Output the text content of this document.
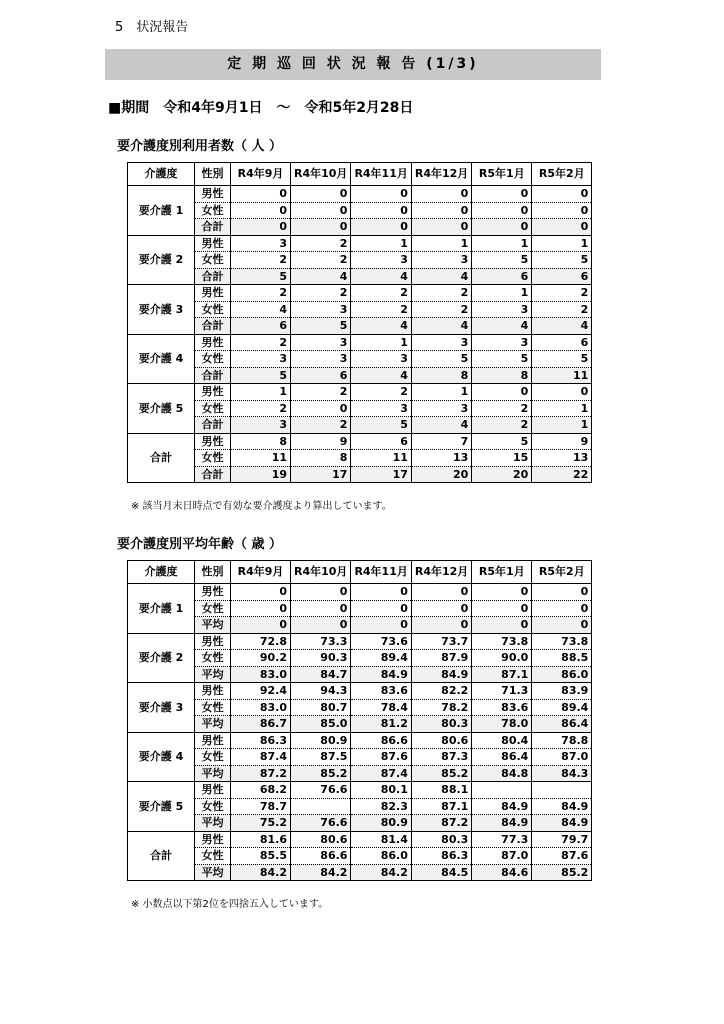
5　状況報告
定 期 巡 回 状 況 報 告 (1/3)
■期間　令和4年9月1日　～　令和5年2月28日
要介護度別利用者数（ 人 ）
介護度	性別	R4年9月	R4年10月	R4年11月	R4年12月	R5年1月	R5年2月
要介護 1	男性	0	0	0	0	0	0
	女性	0	0	0	0	0	0
	合計	0	0	0	0	0	0
要介護 2	男性	3	2	1	1	1	1
	女性	2	2	3	3	5	5
	合計	5	4	4	4	6	6
要介護 3	男性	2	2	2	2	1	2
	女性	4	3	2	2	3	2
	合計	6	5	4	4	4	4
要介護 4	男性	2	3	1	3	3	6
	女性	3	3	3	5	5	5
	合計	5	6	4	8	8	11
要介護 5	男性	1	2	2	1	0	0
	女性	2	0	3	3	2	1
	合計	3	2	5	4	2	1
合計	男性	8	9	6	7	5	9
	女性	11	8	11	13	15	13
	合計	19	17	17	20	20	22
※ 該当月末日時点で有効な要介護度より算出しています。
要介護度別平均年齢（ 歳 ）
介護度	性別	R4年9月	R4年10月	R4年11月	R4年12月	R5年1月	R5年2月
要介護 1	男性	0	0	0	0	0	0
	女性	0	0	0	0	0	0
	平均	0	0	0	0	0	0
要介護 2	男性	72.8	73.3	73.6	73.7	73.8	73.8
	女性	90.2	90.3	89.4	87.9	90.0	88.5
	平均	83.0	84.7	84.9	84.9	87.1	86.0
要介護 3	男性	92.4	94.3	83.6	82.2	71.3	83.9
	女性	83.0	80.7	78.4	78.2	83.6	89.4
	平均	86.7	85.0	81.2	80.3	78.0	86.4
要介護 4	男性	86.3	80.9	86.6	80.6	80.4	78.8
	女性	87.4	87.5	87.6	87.3	86.4	87.0
	平均	87.2	85.2	87.4	85.2	84.8	84.3
要介護 5	男性	68.2	76.6	80.1	88.1		
	女性	78.7		82.3	87.1	84.9	84.9
	平均	75.2	76.6	80.9	87.2	84.9	84.9
合計	男性	81.6	80.6	81.4	80.3	77.3	79.7
	女性	85.5	86.6	86.0	86.3	87.0	87.6
	平均	84.2	84.2	84.2	84.5	84.6	85.2
※ 小数点以下第2位を四捨五入しています。
